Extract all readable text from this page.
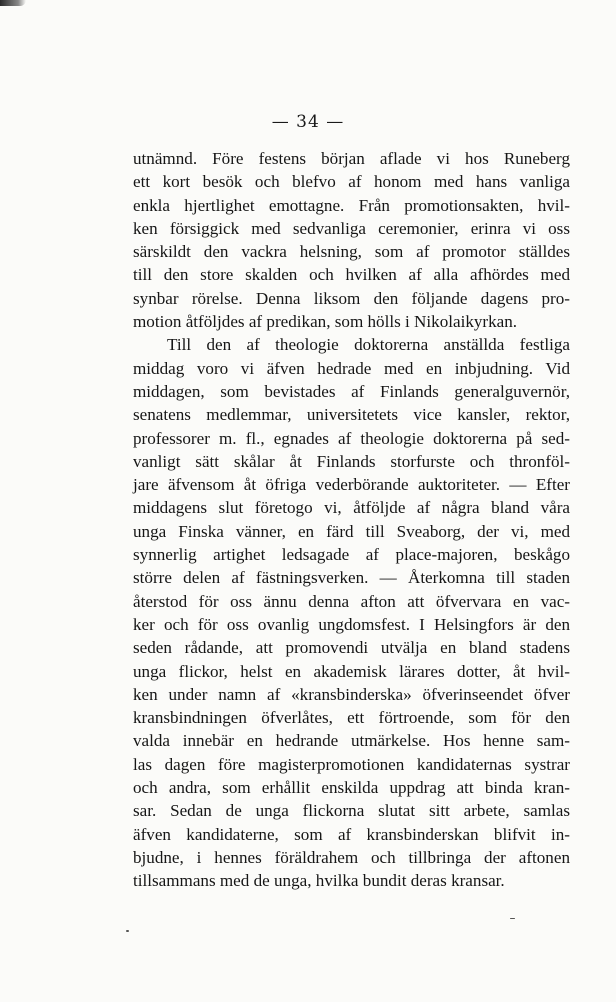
— 34 —
utnämnd. Före festens början aflade vi hos Runeberg
ett kort besök och blefvo af honom med hans vanliga
enkla hjertlighet emottagne. Från promotionsakten, hvil-
ken försiggick med sedvanliga ceremonier, erinra vi oss
särskildt den vackra helsning, som af promotor ställdes
till den store skalden och hvilken af alla afhördes med
synbar rörelse. Denna liksom den följande dagens pro-
motion åtföljdes af predikan, som hölls i Nikolaikyrkan.
Till den af theologie doktorerna anställda festliga
middag voro vi äfven hedrade med en inbjudning. Vid
middagen, som bevistades af Finlands generalguvernör,
senatens medlemmar, universitetets vice kansler, rektor,
professorer m. fl., egnades af theologie doktorerna på sed-
vanligt sätt skålar åt Finlands storfurste och thronföl-
jare äfvensom åt öfriga vederbörande auktoriteter. — Efter
middagens slut företogo vi, åtföljde af några bland våra
unga Finska vänner, en färd till Sveaborg, der vi, med
synnerlig artighet ledsagade af place-majoren, beskågo
större delen af fästningsverken. — Återkomna till staden
återstod för oss ännu denna afton att öfvervara en vac-
ker och för oss ovanlig ungdomsfest. I Helsingfors är den
seden rådande, att promovendi utvälja en bland stadens
unga flickor, helst en akademisk lärares dotter, åt hvil-
ken under namn af «kransbinderska» öfverinseendet öfver
kransbindningen öfverlåtes, ett förtroende, som för den
valda innebär en hedrande utmärkelse. Hos henne sam-
las dagen före magisterpromotionen kandidaternas systrar
och andra, som erhållit enskilda uppdrag att binda kran-
sar. Sedan de unga flickorna slutat sitt arbete, samlas
äfven kandidaterne, som af kransbinderskan blifvit in-
bjudne, i hennes föräldrahem och tillbringa der aftonen
tillsammans med de unga, hvilka bundit deras kransar.
